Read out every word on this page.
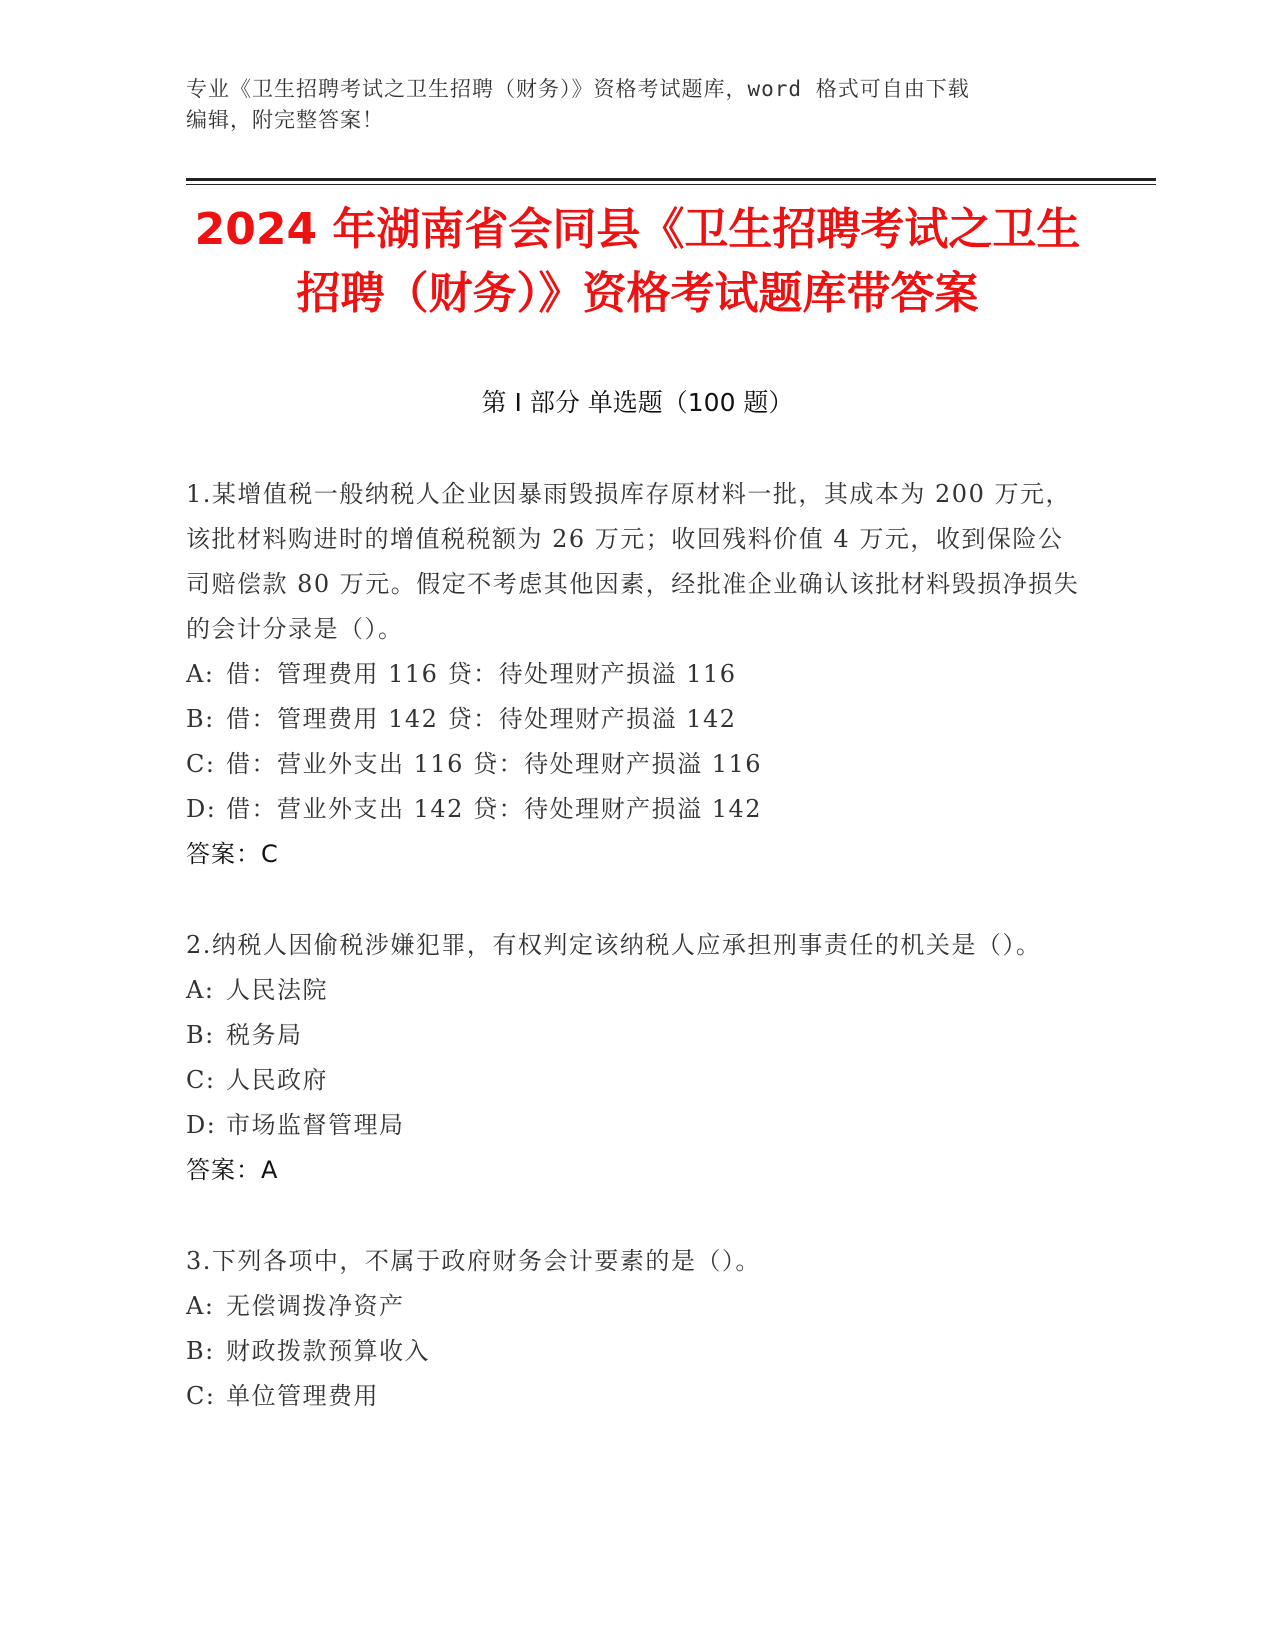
专业《卫生招聘考试之卫生招聘（财务）》资格考试题库，word 格式可自由下载
编辑，附完整答案！
2024 年湖南省会同县《卫生招聘考试之卫生
招聘（财务）》资格考试题库带答案
第 I 部分 单选题（100 题）
1.某增值税一般纳税人企业因暴雨毁损库存原材料一批，其成本为 200 万元，该批材料购进时的增值税税额为 26 万元；收回残料价值 4 万元，收到保险公司赔偿款 80 万元。假定不考虑其他因素，经批准企业确认该批材料毁损净损失的会计分录是（）。
A: 借：管理费用 116 贷：待处理财产损溢 116
B: 借：管理费用 142 贷：待处理财产损溢 142
C: 借：营业外支出 116 贷：待处理财产损溢 116
D: 借：营业外支出 142 贷：待处理财产损溢 142
答案：C
2.纳税人因偷税涉嫌犯罪，有权判定该纳税人应承担刑事责任的机关是（）。
A: 人民法院
B: 税务局
C: 人民政府
D: 市场监督管理局
答案：A
3.下列各项中，不属于政府财务会计要素的是（）。
A: 无偿调拨净资产
B: 财政拨款预算收入
C: 单位管理费用
